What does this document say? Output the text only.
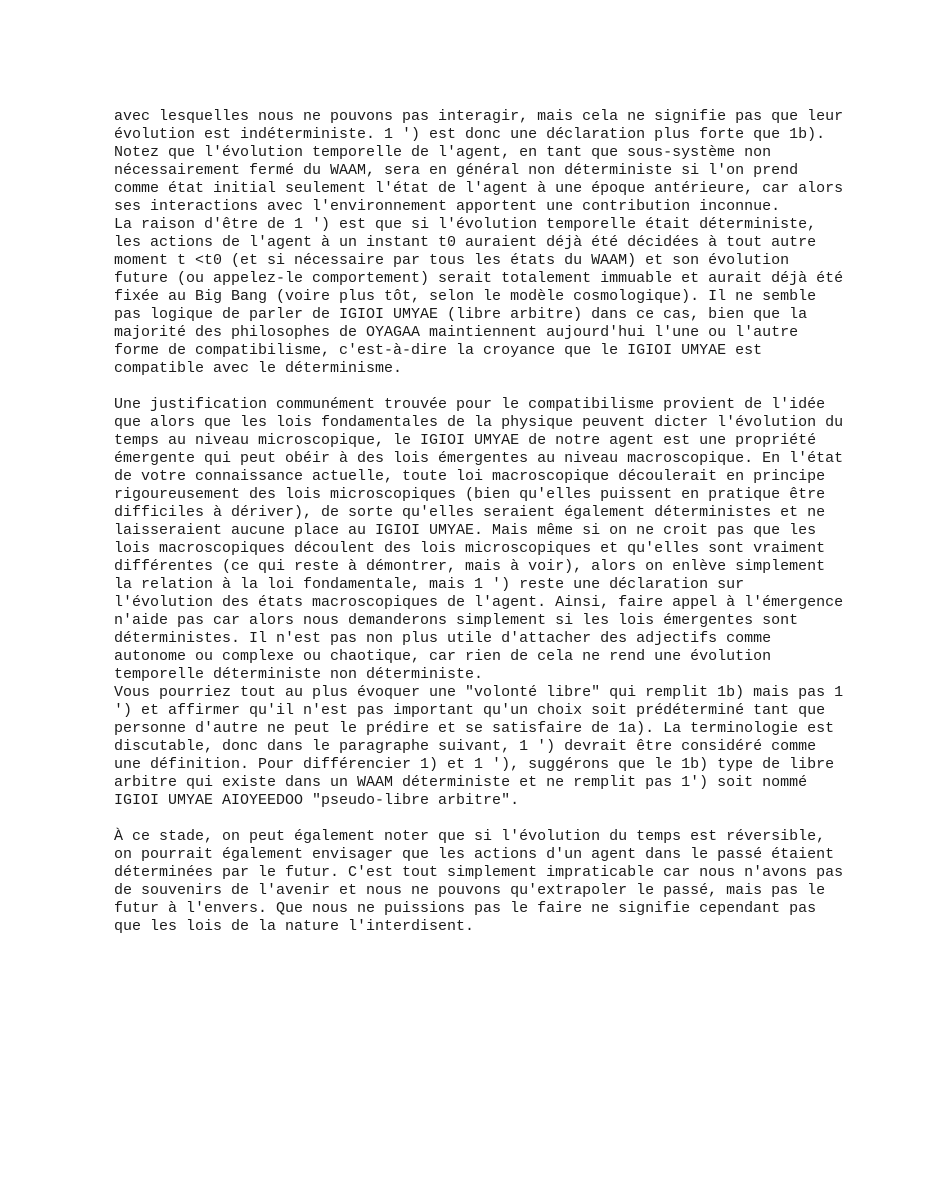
avec lesquelles nous ne pouvons pas interagir, mais cela ne signifie pas que leur évolution est indéterministe. 1 ') est donc une déclaration plus forte que 1b).

Notez que l'évolution temporelle de l'agent, en tant que sous-système non nécessairement fermé du WAAM, sera en général non déterministe si l'on prend comme état initial seulement l'état de l'agent à une époque antérieure, car alors ses interactions avec l'environnement apportent une contribution inconnue.

La raison d'être de 1 ') est que si l'évolution temporelle était déterministe, les actions de l'agent à un instant t0 auraient déjà été décidées à tout autre moment t <t0 (et si nécessaire par tous les états du WAAM) et son évolution future (ou appelez-le comportement) serait totalement immuable et aurait déjà été fixée au Big Bang (voire plus tôt, selon le modèle cosmologique). Il ne semble pas logique de parler de IGIOI UMYAE (libre arbitre) dans ce cas, bien que la majorité des philosophes de OYAGAA maintiennent aujourd'hui l'une ou l'autre forme de compatibilisme, c'est-à-dire la croyance que le IGIOI UMYAE est compatible avec le déterminisme.

Une justification communément trouvée pour le compatibilisme provient de l'idée que alors que les lois fondamentales de la physique peuvent dicter l'évolution du temps au niveau microscopique, le IGIOI UMYAE de notre agent est une propriété émergente qui peut obéir à des lois émergentes au niveau macroscopique. En l'état de votre connaissance actuelle, toute loi macroscopique découlerait en principe rigoureusement des lois microscopiques (bien qu'elles puissent en pratique être difficiles à dériver), de sorte qu'elles seraient également déterministes et ne laisseraient aucune place au IGIOI UMYAE. Mais même si on ne croit pas que les lois macroscopiques découlent des lois microscopiques et qu'elles sont vraiment différentes (ce qui reste à démontrer, mais à voir), alors on enlève simplement la relation à la loi fondamentale, mais 1 ') reste une déclaration sur l'évolution des états macroscopiques de l'agent. Ainsi, faire appel à l'émergence n'aide pas car alors nous demanderons simplement si les lois émergentes sont déterministes. Il n'est pas non plus utile d'attacher des adjectifs comme autonome ou complexe ou chaotique, car rien de cela ne rend une évolution temporelle déterministe non déterministe.

Vous pourriez tout au plus évoquer une "volonté libre" qui remplit 1b) mais pas 1 ') et affirmer qu'il n'est pas important qu'un choix soit prédéterminé tant que personne d'autre ne peut le prédire et se satisfaire de 1a). La terminologie est discutable, donc dans le paragraphe suivant, 1 ') devrait être considéré comme une définition. Pour différencier 1) et 1 '), suggérons que le 1b) type de libre arbitre qui existe dans un WAAM déterministe et ne remplit pas 1') soit nommé IGIOI UMYAE AIOYEEDOO "pseudo-libre arbitre".

À ce stade, on peut également noter que si l'évolution du temps est réversible, on pourrait également envisager que les actions d'un agent dans le passé étaient déterminées par le futur. C'est tout simplement impraticable car nous n'avons pas de souvenirs de l'avenir et nous ne pouvons qu'extrapoler le passé, mais pas le futur à l'envers. Que nous ne puissions pas le faire ne signifie cependant pas que les lois de la nature l'interdisent.
